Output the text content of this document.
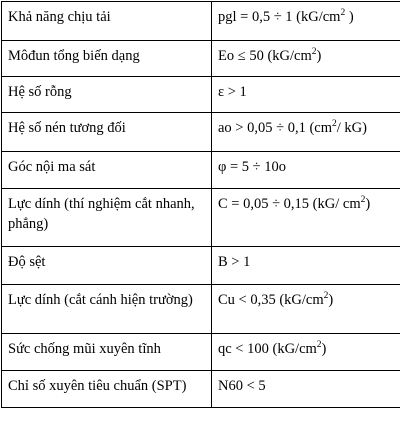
Khả năng chịu tải	pgl = 0,5 ÷ 1 ($kG/cm^2$ )
Môđun tổng biến dạng	Eo ≤ 50 $(kG/cm^2)$
Hệ số rỗng	ε > 1
Hệ số nén tương đối	ao > 0,05 ÷ 0,1 ($cm^2/$ kG)
Góc nội ma sát	φ = 5 ÷ 10o
Lực dính (thí nghiệm cắt nhanh, phẳng)	C = 0,05 ÷ 0,15 (kG/ $cm^2$)
Độ sệt	B > 1
Lực dính (cắt cánh hiện trường)	Cu < 0,35 $(kG/cm^2)$
Sức chống mũi xuyên tĩnh	qc < 100 $(kG/cm^2)$
Chỉ số xuyên tiêu chuẩn (SPT)	N60 < 5
